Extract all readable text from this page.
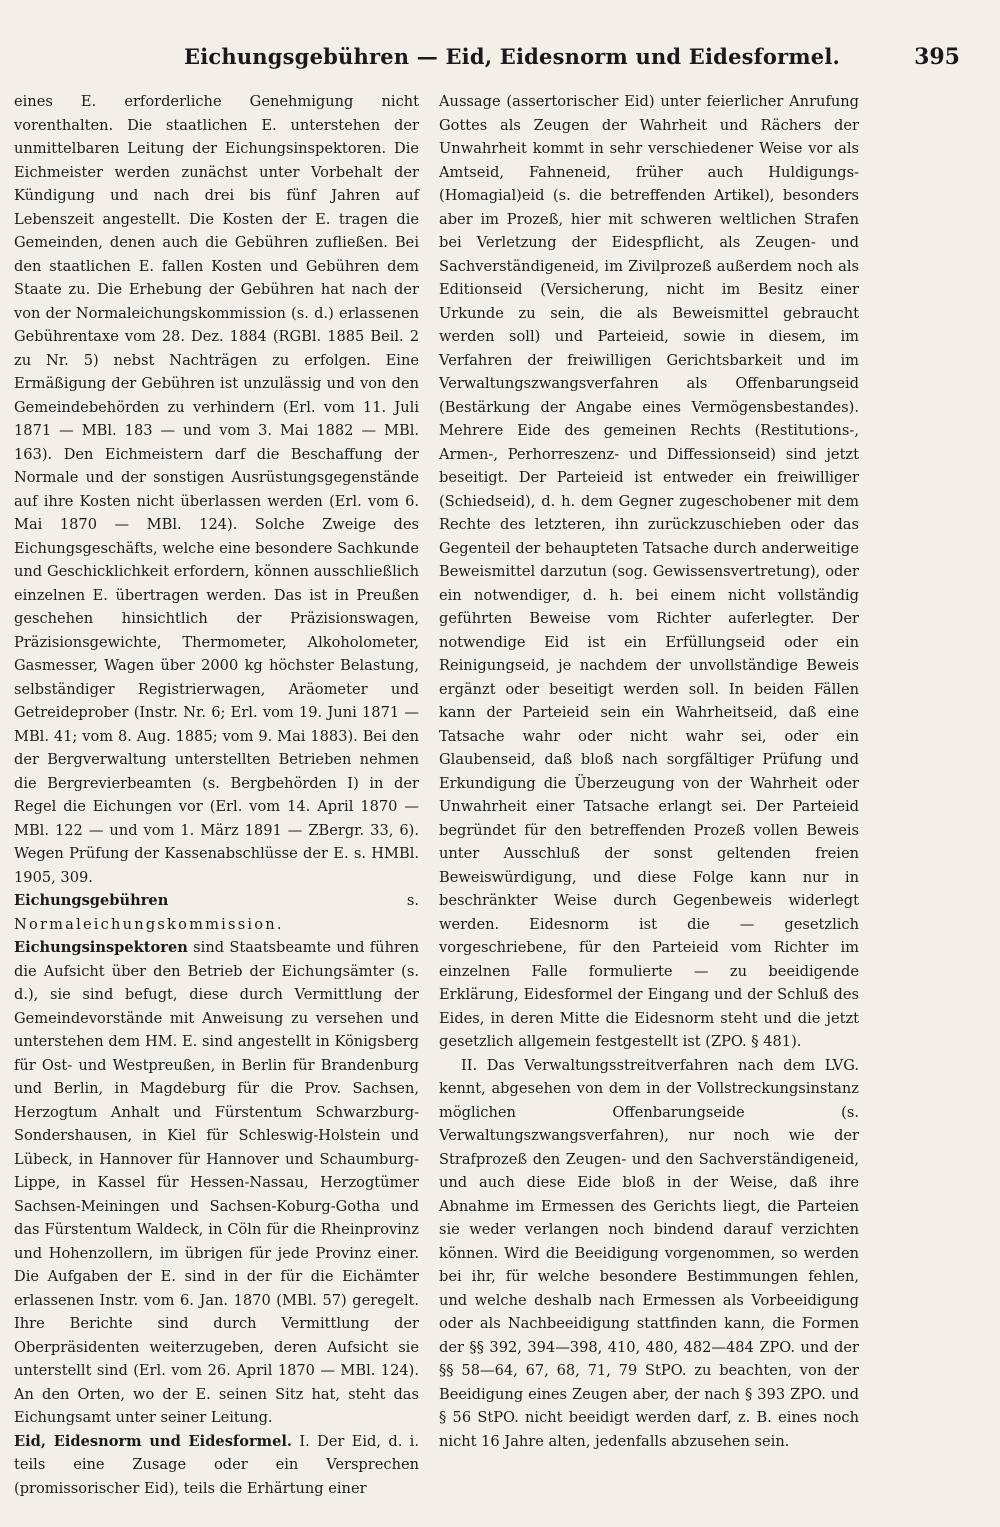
Eichungsgebühren — Eid, Eidesnorm und Eidesformel.	395

eines E. erforderliche Genehmigung nicht vorenthalten. Die staatlichen E. unterstehen der unmittelbaren Leitung der Eichungsinspektoren. Die Eichmeister werden zunächst unter Vorbehalt der Kündigung und nach drei bis fünf Jahren auf Lebenszeit angestellt. Die Kosten der E. tragen die Gemeinden, denen auch die Gebühren zufließen. Bei den staatlichen E. fallen Kosten und Gebühren dem Staate zu. Die Erhebung der Gebühren hat nach der von der Normaleichungskommission (s. d.) erlassenen Gebührentaxe vom 28. Dez. 1884 (RGBl. 1885 Beil. 2 zu Nr. 5) nebst Nachträgen zu erfolgen. Eine Ermäßigung der Gebühren ist unzulässig und von den Gemeindebehörden zu verhindern (Erl. vom 11. Juli 1871 — MBl. 183 — und vom 3. Mai 1882 — MBl. 163). Den Eichmeistern darf die Beschaffung der Normale und der sonstigen Ausrüstungsgegenstände auf ihre Kosten nicht überlassen werden (Erl. vom 6. Mai 1870 — MBl. 124). Solche Zweige des Eichungsgeschäfts, welche eine besondere Sachkunde und Geschicklichkeit erfordern, können ausschließlich einzelnen E. übertragen werden. Das ist in Preußen geschehen hinsichtlich der Präzisionswagen, Präzisionsgewichte, Thermometer, Alkoholometer, Gasmesser, Wagen über 2000 kg höchster Belastung, selbständiger Registrierwagen, Aräometer und Getreideprober (Instr. Nr. 6; Erl. vom 19. Juni 1871 — MBl. 41; vom 8. Aug. 1885; vom 9. Mai 1883). Bei den der Bergverwaltung unterstellten Betrieben nehmen die Bergrevierbeamten (s. Bergbehörden I) in der Regel die Eichungen vor (Erl. vom 14. April 1870 — MBl. 122 — und vom 1. März 1891 — ZBergr. 33, 6). Wegen Prüfung der Kassenabschlüsse der E. s. HMBl. 1905, 309.

Eichungsgebühren s. Normaleichungskommission.

Eichungsinspektoren sind Staatsbeamte und führen die Aufsicht über den Betrieb der Eichungsämter (s. d.), sie sind befugt, diese durch Vermittlung der Gemeindevorstände mit Anweisung zu versehen und unterstehen dem HM. E. sind angestellt in Königsberg für Ost- und Westpreußen, in Berlin für Brandenburg und Berlin, in Magdeburg für die Prov. Sachsen, Herzogtum Anhalt und Fürstentum Schwarzburg-Sondershausen, in Kiel für Schleswig-Holstein und Lübeck, in Hannover für Hannover und Schaumburg-Lippe, in Kassel für Hessen-Nassau, Herzogtümer Sachsen-Meiningen und Sachsen-Koburg-Gotha und das Fürstentum Waldeck, in Cöln für die Rheinprovinz und Hohenzollern, im übrigen für jede Provinz einer. Die Aufgaben der E. sind in der für die Eichämter erlassenen Instr. vom 6. Jan. 1870 (MBl. 57) geregelt. Ihre Berichte sind durch Vermittlung der Oberpräsidenten weiterzugeben, deren Aufsicht sie unterstellt sind (Erl. vom 26. April 1870 — MBl. 124). An den Orten, wo der E. seinen Sitz hat, steht das Eichungsamt unter seiner Leitung.

Eid, Eidesnorm und Eidesformel. I. Der Eid, d. i. teils eine Zusage oder ein Versprechen (promissorischer Eid), teils die Erhärtung einer

Aussage (assertorischer Eid) unter feierlicher Anrufung Gottes als Zeugen der Wahrheit und Rächers der Unwahrheit kommt in sehr verschiedener Weise vor als Amtseid, Fahneneid, früher auch Huldigungs-(Homagial)eid (s. die betreffenden Artikel), besonders aber im Prozeß, hier mit schweren weltlichen Strafen bei Verletzung der Eidespflicht, als Zeugen- und Sachverständigeneid, im Zivilprozeß außerdem noch als Editionseid (Versicherung, nicht im Besitz einer Urkunde zu sein, die als Beweismittel gebraucht werden soll) und Parteieid, sowie in diesem, im Verfahren der freiwilligen Gerichtsbarkeit und im Verwaltungszwangsverfahren als Offenbarungseid (Bestärkung der Angabe eines Vermögensbestandes). Mehrere Eide des gemeinen Rechts (Restitutions-, Armen-, Perhorreszenz- und Diffessionseid) sind jetzt beseitigt. Der Parteieid ist entweder ein freiwilliger (Schiedseid), d. h. dem Gegner zugeschobener mit dem Rechte des letzteren, ihn zurückzuschieben oder das Gegenteil der behaupteten Tatsache durch anderweitige Beweismittel darzutun (sog. Gewissensvertretung), oder ein notwendiger, d. h. bei einem nicht vollständig geführten Beweise vom Richter auferlegter. Der notwendige Eid ist ein Erfüllungseid oder ein Reinigungseid, je nachdem der unvollständige Beweis ergänzt oder beseitigt werden soll. In beiden Fällen kann der Parteieid sein ein Wahrheitseid, daß eine Tatsache wahr oder nicht wahr sei, oder ein Glaubenseid, daß bloß nach sorgfältiger Prüfung und Erkundigung die Überzeugung von der Wahrheit oder Unwahrheit einer Tatsache erlangt sei. Der Parteieid begründet für den betreffenden Prozeß vollen Beweis unter Ausschluß der sonst geltenden freien Beweiswürdigung, und diese Folge kann nur in beschränkter Weise durch Gegenbeweis widerlegt werden. Eidesnorm ist die — gesetzlich vorgeschriebene, für den Parteieid vom Richter im einzelnen Falle formulierte — zu beeidigende Erklärung, Eidesformel der Eingang und der Schluß des Eides, in deren Mitte die Eidesnorm steht und die jetzt gesetzlich allgemein festgestellt ist (ZPO. § 481).

II. Das Verwaltungsstreitverfahren nach dem LVG. kennt, abgesehen von dem in der Vollstreckungsinstanz möglichen Offenbarungseide (s. Verwaltungszwangsverfahren), nur noch wie der Strafprozeß den Zeugen- und den Sachverständigeneid, und auch diese Eide bloß in der Weise, daß ihre Abnahme im Ermessen des Gerichts liegt, die Parteien sie weder verlangen noch bindend darauf verzichten können. Wird die Beeidigung vorgenommen, so werden bei ihr, für welche besondere Bestimmungen fehlen, und welche deshalb nach Ermessen als Vorbeeidigung oder als Nachbeeidigung stattfinden kann, die Formen der §§ 392, 394—398, 410, 480, 482—484 ZPO. und der §§ 58—64, 67, 68, 71, 79 StPO. zu beachten, von der Beeidigung eines Zeugen aber, der nach § 393 ZPO. und § 56 StPO. nicht beeidigt werden darf, z. B. eines noch nicht 16 Jahre alten, jedenfalls abzusehen sein.
